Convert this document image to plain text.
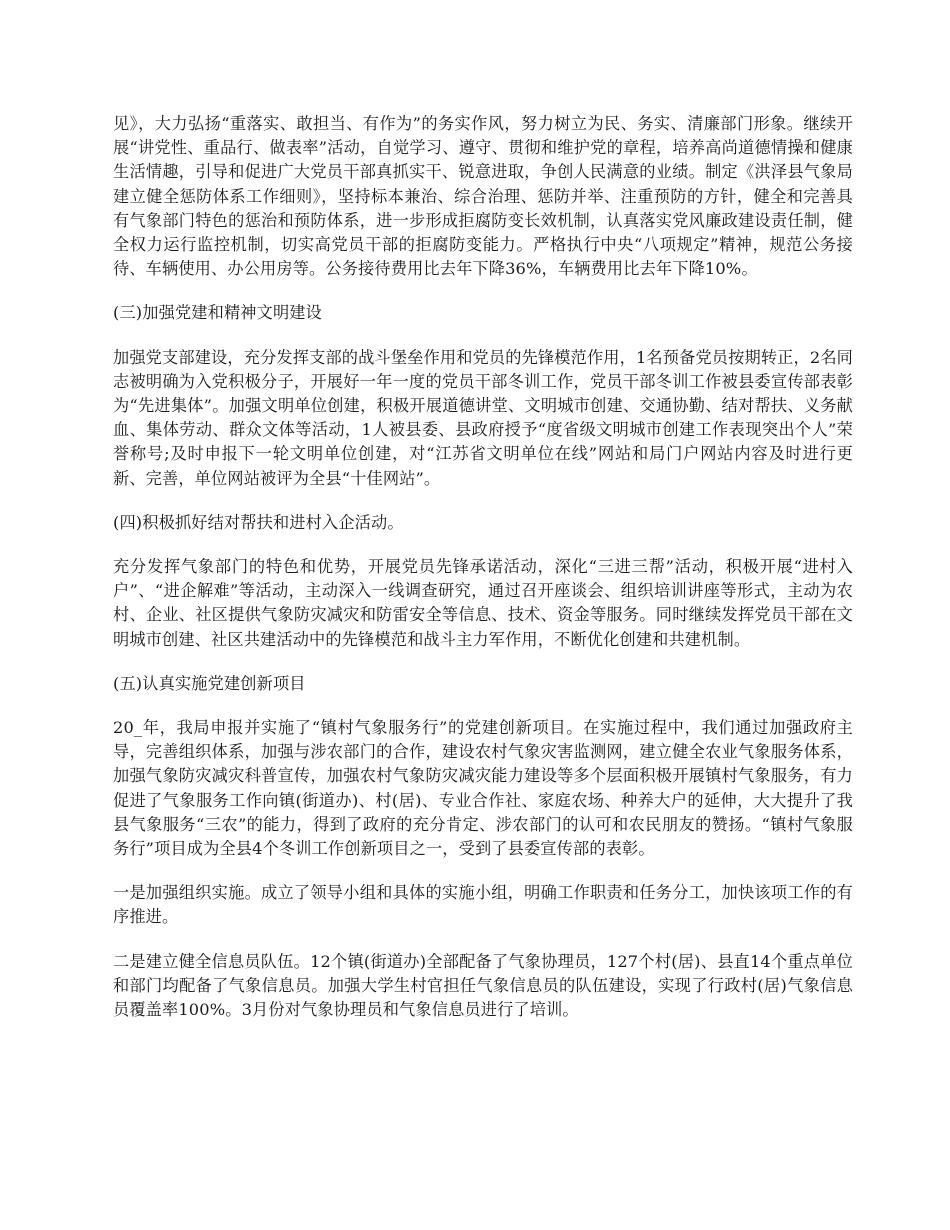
见》，大力弘扬“重落实、敢担当、有作为”的务实作风，努力树立为民、务实、清廉部门形象。继续开展“讲党性、重品行、做表率”活动，自觉学习、遵守、贯彻和维护党的章程，培养高尚道德情操和健康生活情趣，引导和促进广大党员干部真抓实干、锐意进取，争创人民满意的业绩。制定《洪泽县气象局建立健全惩防体系工作细则》，坚持标本兼治、综合治理、惩防并举、注重预防的方针，健全和完善具有气象部门特色的惩治和预防体系，进一步形成拒腐防变长效机制，认真落实党风廉政建设责任制，健全权力运行监控机制，切实高党员干部的拒腐防变能力。严格执行中央“八项规定”精神，规范公务接待、车辆使用、办公用房等。公务接待费用比去年下降36%，车辆费用比去年下降10%。

(三)加强党建和精神文明建设

加强党支部建设，充分发挥支部的战斗堡垒作用和党员的先锋模范作用，1名预备党员按期转正，2名同志被明确为入党积极分子，开展好一年一度的党员干部冬训工作，党员干部冬训工作被县委宣传部表彰为“先进集体”。加强文明单位创建，积极开展道德讲堂、文明城市创建、交通协勤、结对帮扶、义务献血、集体劳动、群众文体等活动，1人被县委、县政府授予“度省级文明城市创建工作表现突出个人”荣誉称号;及时申报下一轮文明单位创建，对“江苏省文明单位在线”网站和局门户网站内容及时进行更新、完善，单位网站被评为全县“十佳网站”。

(四)积极抓好结对帮扶和进村入企活动。

充分发挥气象部门的特色和优势，开展党员先锋承诺活动，深化“三进三帮”活动，积极开展“进村入户”、“进企解难”等活动，主动深入一线调查研究，通过召开座谈会、组织培训讲座等形式，主动为农村、企业、社区提供气象防灾减灾和防雷安全等信息、技术、资金等服务。同时继续发挥党员干部在文明城市创建、社区共建活动中的先锋模范和战斗主力军作用，不断优化创建和共建机制。

(五)认真实施党建创新项目

20_年，我局申报并实施了“镇村气象服务行”的党建创新项目。在实施过程中，我们通过加强政府主导，完善组织体系，加强与涉农部门的合作，建设农村气象灾害监测网，建立健全农业气象服务体系，加强气象防灾减灾科普宣传，加强农村气象防灾减灾能力建设等多个层面积极开展镇村气象服务，有力促进了气象服务工作向镇(街道办)、村(居)、专业合作社、家庭农场、种养大户的延伸，大大提升了我县气象服务“三农”的能力，得到了政府的充分肯定、涉农部门的认可和农民朋友的赞扬。“镇村气象服务行”项目成为全县4个冬训工作创新项目之一，受到了县委宣传部的表彰。

一是加强组织实施。成立了领导小组和具体的实施小组，明确工作职责和任务分工，加快该项工作的有序推进。

二是建立健全信息员队伍。12个镇(街道办)全部配备了气象协理员，127个村(居)、县直14个重点单位和部门均配备了气象信息员。加强大学生村官担任气象信息员的队伍建设，实现了行政村(居)气象信息员覆盖率100%。3月份对气象协理员和气象信息员进行了培训。
